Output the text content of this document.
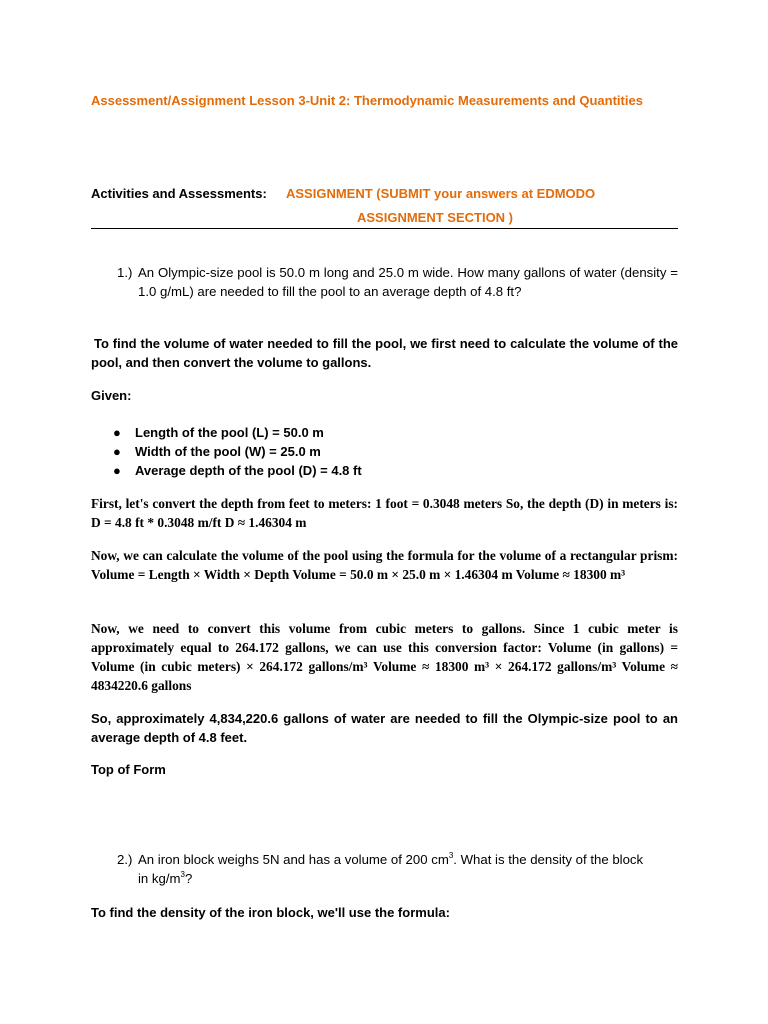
Assessment/Assignment Lesson 3-Unit 2: Thermodynamic Measurements and Quantities
Activities and Assessments: ASSIGNMENT (SUBMIT your answers at EDMODO
ASSIGNMENT SECTION )
1.) An Olympic-size pool is 50.0 m long and 25.0 m wide. How many gallons of water (density = 1.0 g/mL) are needed to fill the pool to an average depth of 4.8 ft?
To find the volume of water needed to fill the pool, we first need to calculate the volume of the pool, and then convert the volume to gallons.
Given:
● Length of the pool (L) = 50.0 m
● Width of the pool (W) = 25.0 m
● Average depth of the pool (D) = 4.8 ft
First, let's convert the depth from feet to meters: 1 foot = 0.3048 meters So, the depth (D) in meters is: D = 4.8 ft * 0.3048 m/ft D ≈ 1.46304 m
Now, we can calculate the volume of the pool using the formula for the volume of a rectangular prism: Volume = Length × Width × Depth Volume = 50.0 m × 25.0 m × 1.46304 m Volume ≈ 18300 m³
Now, we need to convert this volume from cubic meters to gallons. Since 1 cubic meter is approximately equal to 264.172 gallons, we can use this conversion factor: Volume (in gallons) = Volume (in cubic meters) × 264.172 gallons/m³ Volume ≈ 18300 m³ × 264.172 gallons/m³ Volume ≈ 4834220.6 gallons
So, approximately 4,834,220.6 gallons of water are needed to fill the Olympic-size pool to an average depth of 4.8 feet.
Top of Form
2.) An iron block weighs 5N and has a volume of 200 $cm^3$. What is the density of the block
in $kg/m^3$?
To find the density of the iron block, we'll use the formula:
